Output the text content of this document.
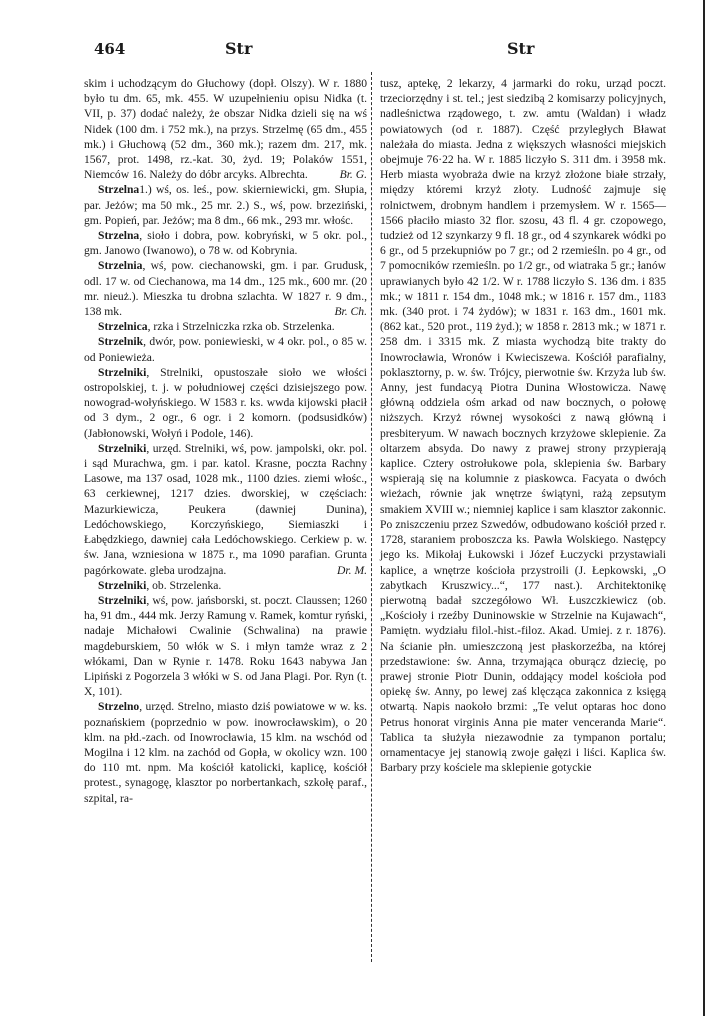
464	Str	Str

skim i uchodzącym do Głuchowy (dopł. Olszy). W r. 1880 było tu dm. 65, mk. 455. W uzupełnieniu opisu Nidka (t. VII, p. 37) dodać należy, że obszar Nidka dzieli się na wś Nidek (100 dm. i 752 mk.), na przys. Strzelmę (65 dm., 455 mk.) i Głuchową (52 dm., 360 mk.); razem dm. 217, mk. 1567, prot. 1498, rz.-kat. 30, żyd. 19; Polaków 1551, Niemców 16. Należy do dóbr arcyks. Albrechta.	Br. G.

Strzelna1.) wś, os. leś., pow. skierniewicki, gm. Słupia, par. Jeżów; ma 50 mk., 25 mr. 2.) S., wś, pow. brzeziński, gm. Popień, par. Jeżów; ma 8 dm., 66 mk., 293 mr. włośc.

Strzelna, sioło i dobra, pow. kobryński, w 5 okr. pol., gm. Janowo (Iwanowo), o 78 w. od Kobrynia.

Strzelnia, wś, pow. ciechanowski, gm. i par. Grudusk, odl. 17 w. od Ciechanowa, ma 14 dm., 125 mk., 600 mr. (20 mr. nieuż.). Mieszka tu drobna szlachta. W 1827 r. 9 dm., 138 mk.	Br. Ch.

Strzelnica, rzka i Strzelniczka rzka ob. Strzelenka.

Strzelnik, dwór, pow. poniewieski, w 4 okr. pol., o 85 w. od Poniewieża.

Strzelniki, Strelniki, opustoszałe sioło we włości ostropolskiej, t. j. w południowej części dzisiejszego pow. nowograd-wołyńskiego. W 1583 r. ks. wwda kijowski płacił od 3 dym., 2 ogr., 6 ogr. i 2 komorn. (podsusidków) (Jabłonowski, Wołyń i Podole, 146).

Strzelniki, urzęd. Strelniki, wś, pow. jampolski, okr. pol. i sąd Murachwa, gm. i par. katol. Krasne, poczta Rachny Lasowe, ma 137 osad, 1028 mk., 1100 dzies. ziemi włośc., 63 cerkiewnej, 1217 dzies. dworskiej, w częściach: Mazurkiewicza, Peukera (dawniej Dunina), Ledóchowskiego, Korczyńskiego, Siemiaszki i Łabędzkiego, dawniej cała Ledóchowskiego. Cerkiew p. w. św. Jana, wzniesiona w 1875 r., ma 1090 parafian. Grunta pagórkowate. gleba urodzajna.	Dr. M.

Strzelniki, ob. Strzelenka.

Strzelniki, wś, pow. jańsborski, st. poczt. Claussen; 1260 ha, 91 dm., 444 mk. Jerzy Ramung v. Ramek, komtur ryński, nadaje Michałowi Cwalinie (Schwalina) na prawie magdeburskiem, 50 włók w S. i młyn tamże wraz z 2 włókami, Dan w Rynie r. 1478. Roku 1643 nabywa Jan Lipiński z Pogorzela 3 włóki w S. od Jana Plagi. Por. Ryn (t. X, 101).

Strzelno, urzęd. Strelno, miasto dziś powiatowe w w. ks. poznańskiem (poprzednio w pow. inowrocławskim), o 20 klm. na płd.-zach. od Inowrocławia, 15 klm. na wschód od Mogilna i 12 klm. na zachód od Gopła, w okolicy wzn. 100 do 110 mt. npm. Ma kościół katolicki, kaplicę, kościół protest., synagogę, klasztor po norbertankach, szkołę paraf., szpital, ra-

tusz, aptekę, 2 lekarzy, 4 jarmarki do roku, urząd poczt. trzeciorzędny i st. tel.; jest siedzibą 2 komisarzy policyjnych, nadleśnictwa rządowego, t. zw. amtu (Waldan) i władz powiatowych (od r. 1887). Część przyległych Bławat należała do miasta. Jedna z większych własności miejskich obejmuje 76·22 ha. W r. 1885 liczyło S. 311 dm. i 3958 mk. Herb miasta wyobraża dwie na krzyż złożone białe strzały, między któremi krzyż złoty. Ludność zajmuje się rolnictwem, drobnym handlem i przemysłem. W r. 1565—1566 płaciło miasto 32 flor. szosu, 43 fl. 4 gr. czopowego, tudzież od 12 szynkarzy 9 fl. 18 gr., od 4 szynkarek wódki po 6 gr., od 5 przekupniów po 7 gr.; od 2 rzemieśln. po 4 gr., od 7 pomocników rzemieśln. po 1/2 gr., od wiatraka 5 gr.; łanów uprawianych było 42 1/2. W r. 1788 liczyło S. 136 dm. i 835 mk.; w 1811 r. 154 dm., 1048 mk.; w 1816 r. 157 dm., 1183 mk. (340 prot. i 74 żydów); w 1831 r. 163 dm., 1601 mk. (862 kat., 520 prot., 119 żyd.); w 1858 r. 2813 mk.; w 1871 r. 258 dm. i 3315 mk. Z miasta wychodzą bite trakty do Inowrocławia, Wronów i Kwieciszewa. Kościół parafialny, poklasztorny, p. w. św. Trójcy, pierwotnie św. Krzyża lub św. Anny, jest fundacyą Piotra Dunina Włostowicza. Nawę główną oddziela ośm arkad od naw bocznych, o połowę niższych. Krzyż równej wysokości z nawą główną i presbiteryum. W nawach bocznych krzyżowe sklepienie. Za oltarzem absyda. Do nawy z prawej strony przypierają kaplice. Cztery ostrołukowe pola, sklepienia św. Barbary wspierają się na kolumnie z piaskowca. Facyata o dwóch wieżach, równie jak wnętrze świątyni, rażą zepsutym smakiem XVIII w.; niemniej kaplice i sam klasztor zakonnic. Po zniszczeniu przez Szwedów, odbudowano kościół przed r. 1728, staraniem proboszcza ks. Pawła Wolskiego. Następcy jego ks. Mikołaj Łukowski i Józef Łuczycki przystawiali kaplice, a wnętrze kościoła przystroili (J. Łepkowski, „O zabytkach Kruszwicy...“, 177 nast.). Architektonikę pierwotną badał szczegółowo Wł. Łuszczkiewicz (ob. „Kościoły i rzeźby Duninowskie w Strzelnie na Kujawach“, Pamiętn. wydziału filol.-hist.-filoz. Akad. Umiej. z r. 1876). Na ścianie płn. umieszczoną jest płaskorzeźba, na której przedstawione: św. Anna, trzymająca oburącz dziecię, po prawej stronie Piotr Dunin, oddający model kościoła pod opiekę św. Anny, po lewej zaś klęcząca zakonnica z księgą otwartą. Napis naokoło brzmi: „Te velut optaras hoc dono Petrus honorat virginis Anna pie mater venceranda Marie“. Tablica ta służyła niezawodnie za tympanon portalu; ornamentacye jej stanowią zwoje gałęzi i liści. Kaplica św. Barbary przy kościele ma sklepienie gotyckie
